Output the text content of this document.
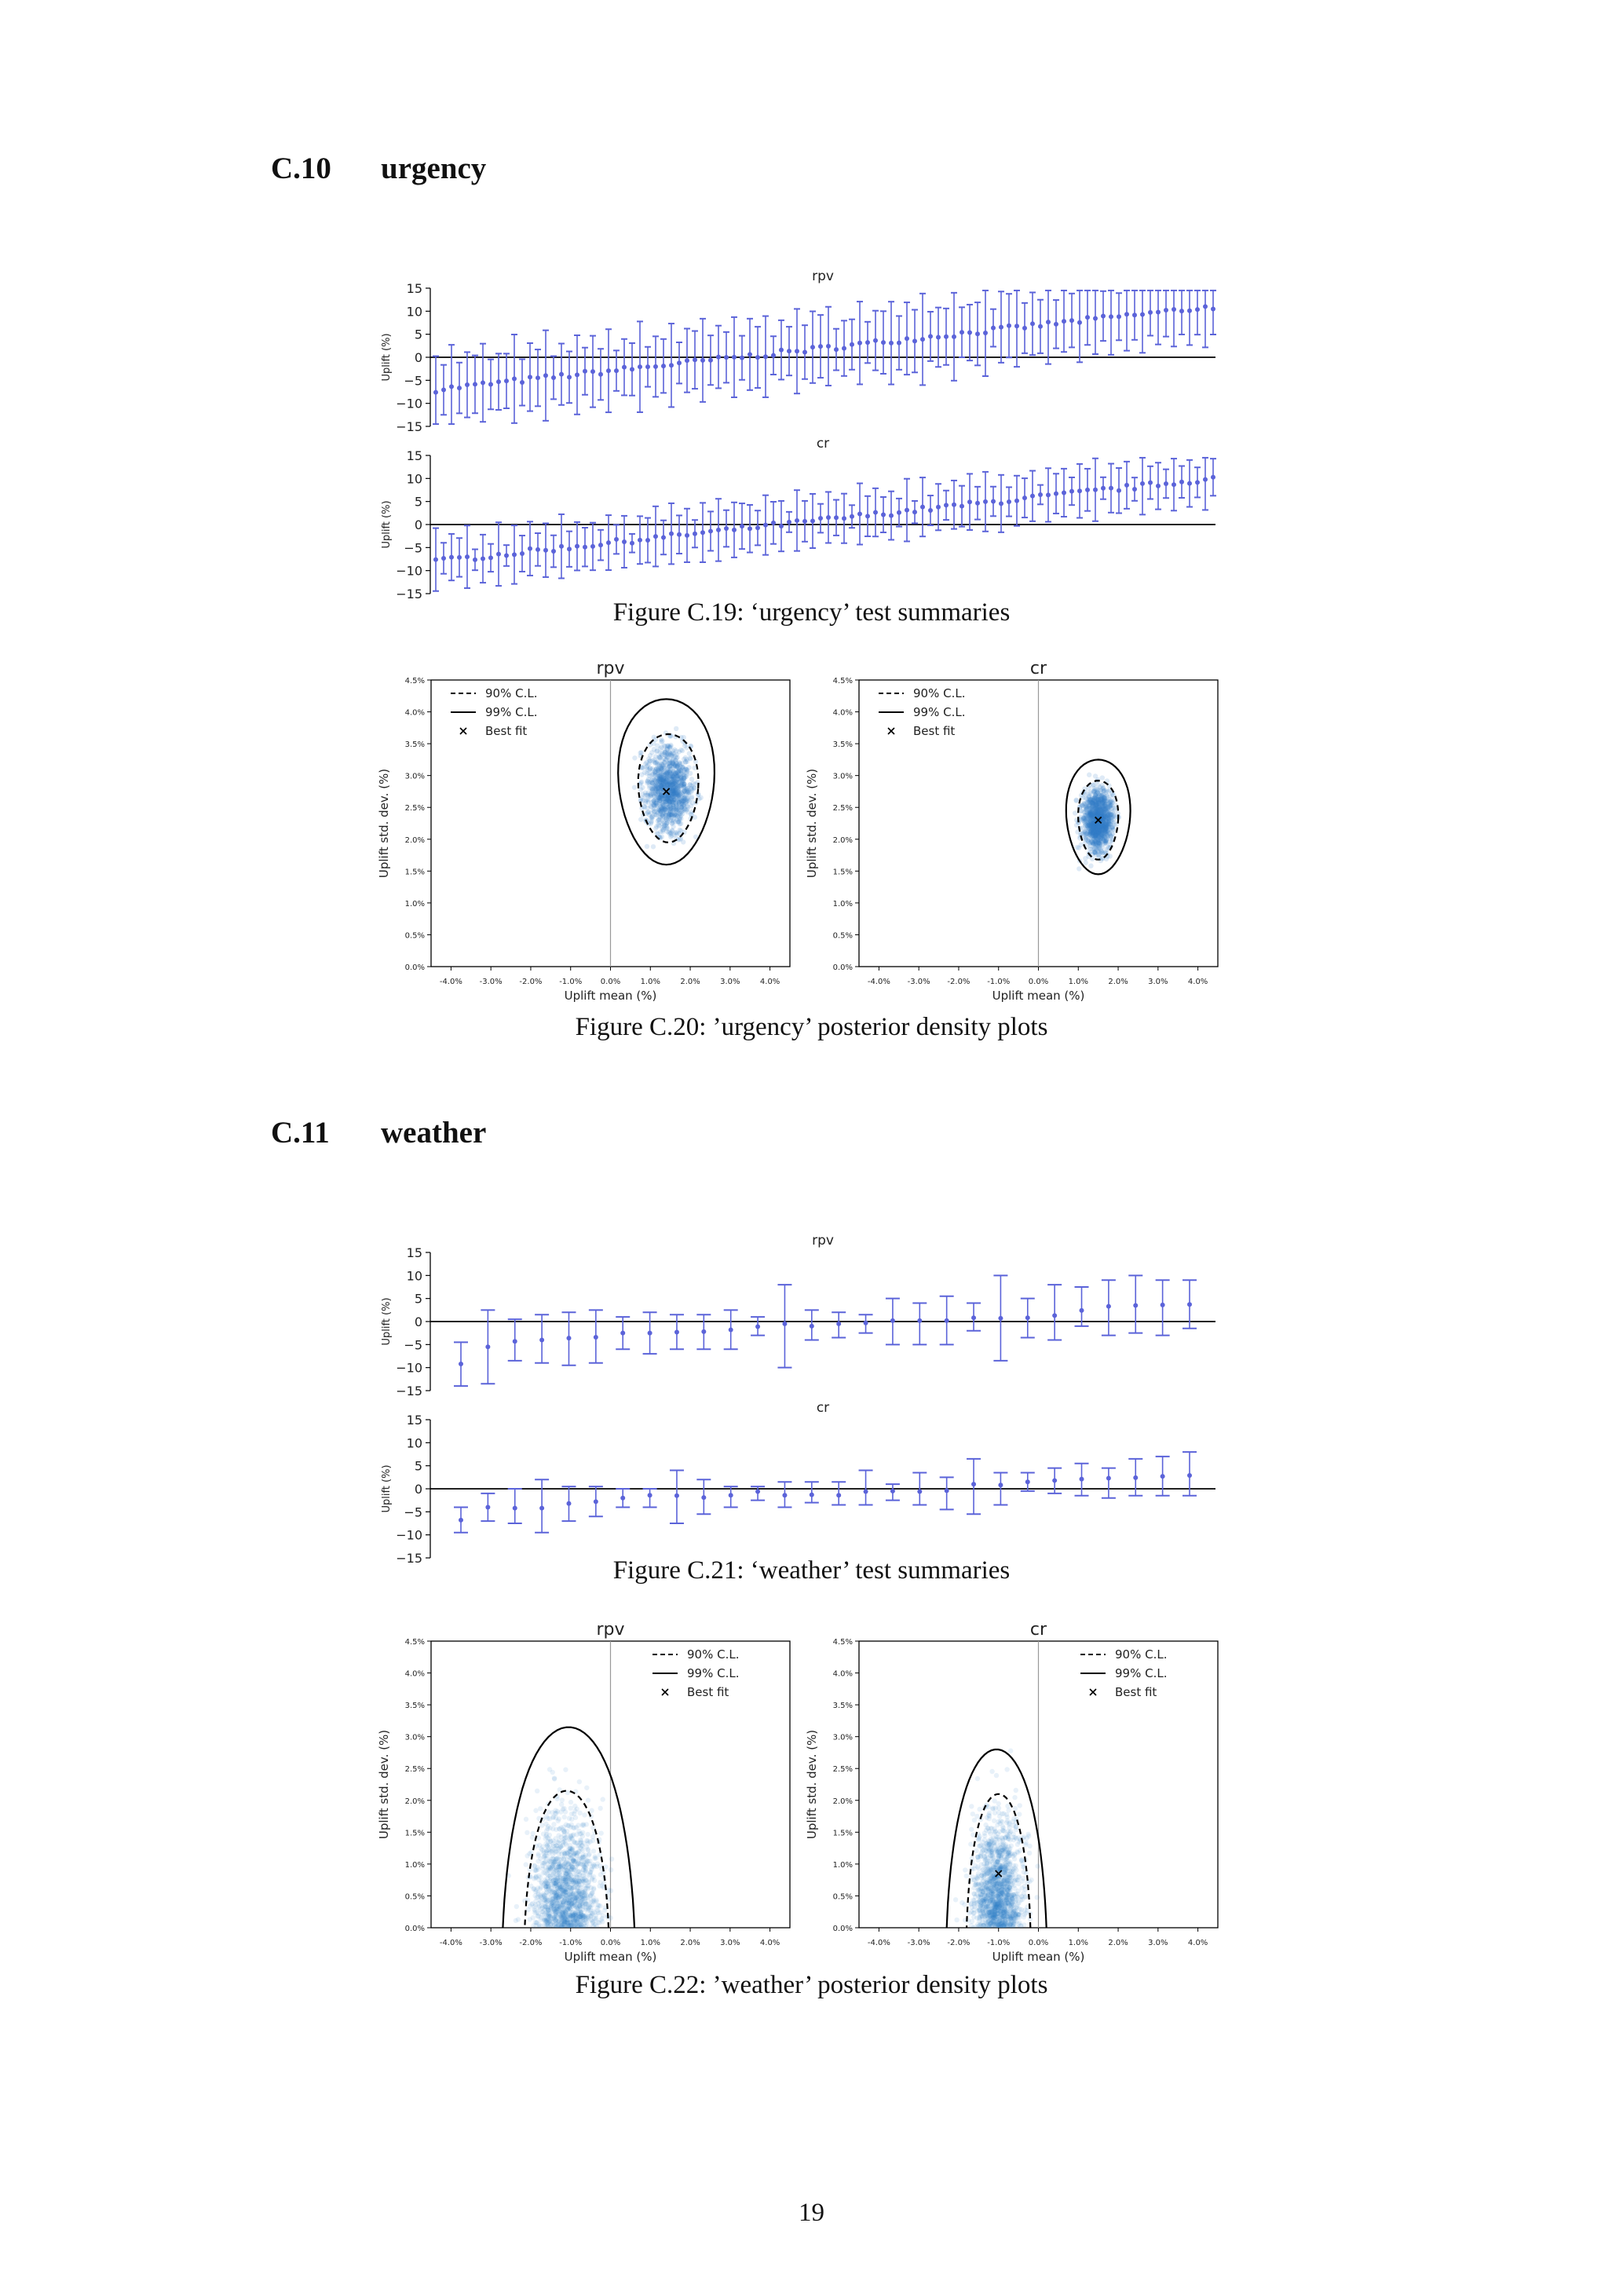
C.10 urgency
C.11 weather
Figure C.19: ‘urgency’ test summaries
Figure C.20: ’urgency’ posterior density plots
Figure C.21: ‘weather’ test summaries
Figure C.22: ’weather’ posterior density plots
19
rpv
15
10
5
0
−5
−10
−15
Uplift (%)
cr
15
10
5
0
−5
−10
−15
Uplift (%)
rpv
15
10
5
0
−5
−10
−15
Uplift (%)
cr
15
10
5
0
−5
−10
−15
Uplift (%)
rpv
-4.0% -3.0% -2.0% -1.0% 0.0%	1.0%	2.0%	3.0%	4.0%
4.5%
4.0%
3.5%
3.0%
2.5%
2.0%
1.5%
1.0%
0.5%
0.0%
Uplift mean (%)
Uplift std. dev. (%)
90% C.L.
99% C.L.
Best fit
cr
-4.0% -3.0% -2.0% -1.0% 0.0%	1.0%	2.0%	3.0%	4.0%
4.5%
4.0%
3.5%
3.0%
2.5%
2.0%
1.5%
1.0%
0.5%
0.0%
Uplift mean (%)
Uplift std. dev. (%)
90% C.L.
99% C.L.
Best fit
rpv
-4.0% -3.0% -2.0% -1.0% 0.0%	1.0%	2.0%	3.0%	4.0%
4.5%
4.0%
3.5%
3.0%
2.5%
2.0%
1.5%
1.0%
0.5%
0.0%
Uplift mean (%)
Uplift std. dev. (%)
90% C.L.
99% C.L.
Best fit
cr
-4.0% -3.0% -2.0% -1.0% 0.0%	1.0%	2.0%	3.0%	4.0%
4.5%
4.0%
3.5%
3.0%
2.5%
2.0%
1.5%
1.0%
0.5%
0.0%
Uplift mean (%)
Uplift std. dev. (%)
90% C.L.
99% C.L.
Best fit
